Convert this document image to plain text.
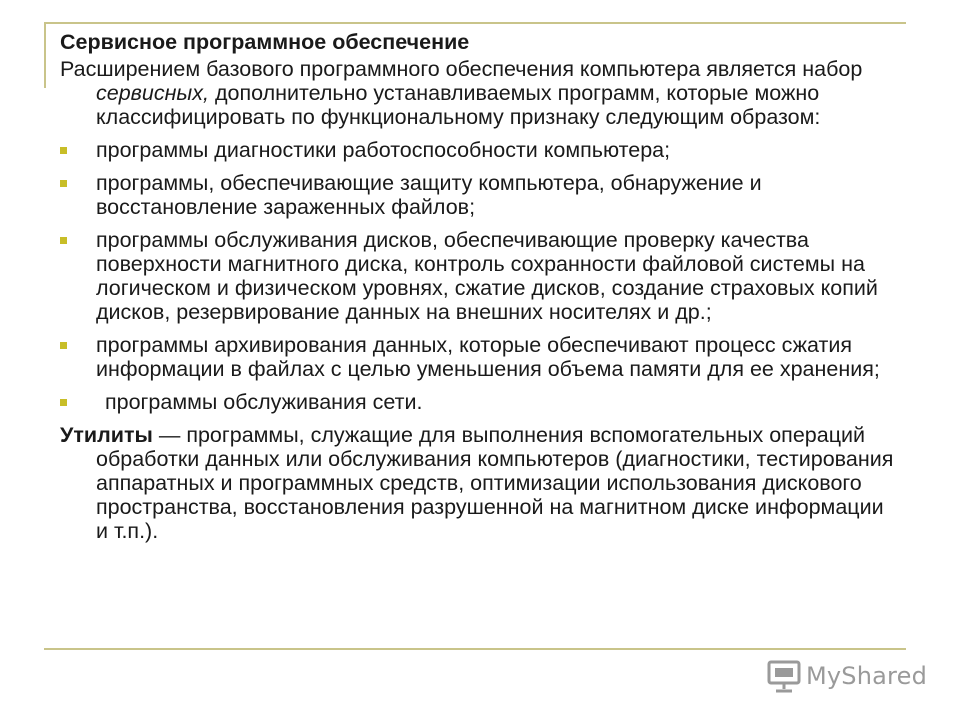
Сервисное программное обеспечение

Расширением базового программного обеспечения компьютера является набор сервисных, дополнительно устанавливаемых программ, которые можно классифицировать по функциональному признаку следующим образом:

программы диагностики работоспособности компьютера;
программы, обеспечивающие защиту компьютера, обнаружение и восстановление зараженных файлов;
программы обслуживания дисков, обеспечивающие проверку качества поверхности магнитного диска, контроль сохранности файловой системы на логическом и физическом уровнях, сжатие дисков, создание страховых копий дисков, резервирование данных на внешних носителях и др.;
программы архивирования данных, которые обеспечивают процесс сжатия информации в файлах с целью уменьшения объема памяти для ее хранения;
программы обслуживания сети.
Утилиты — программы, служащие для выполнения вспомогательных операций обработки данных или обслуживания компьютеров (диагностики, тестирования аппаратных и программных средств, оптимизации использования дискового пространства, восстановления разрушенной на магнитном диске информации и т.п.).
MyShared
